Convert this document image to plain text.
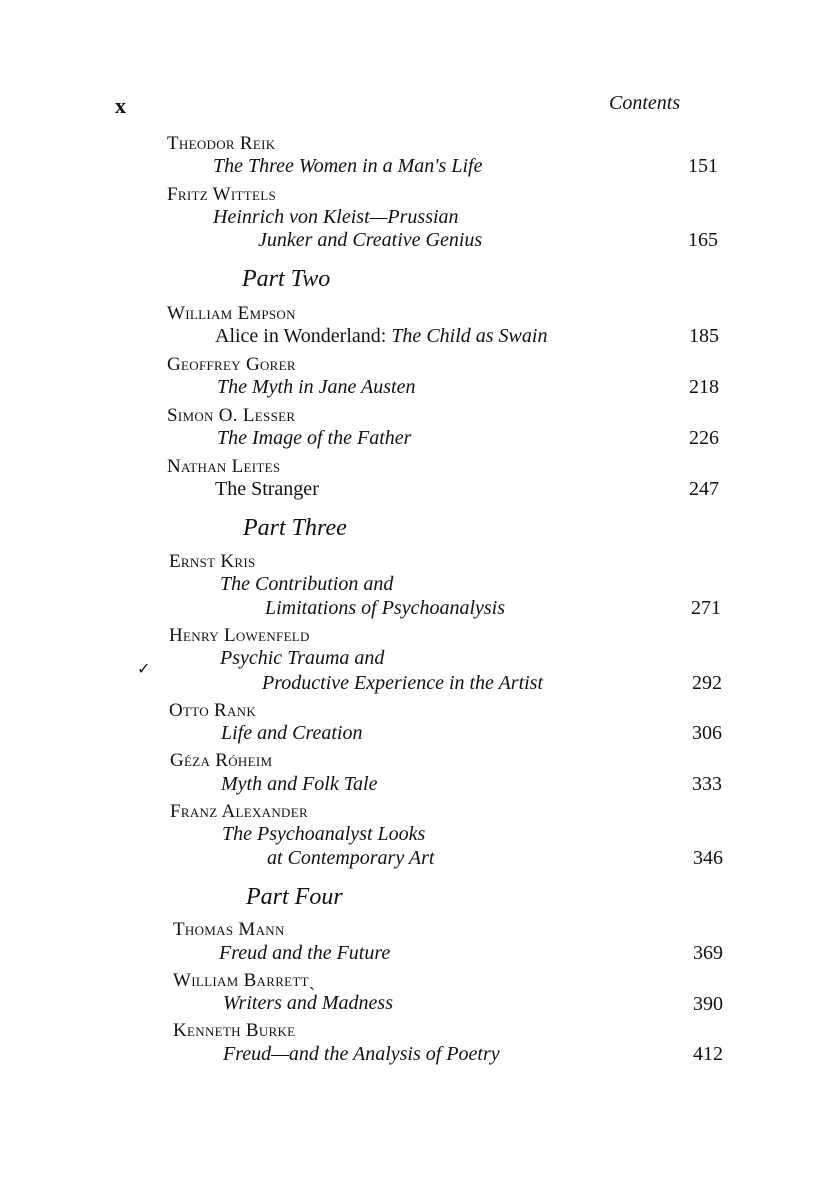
x	Contents
Theodor Reik
The Three Women in a Man's Life	151
Fritz Wittels
Heinrich von Kleist—Prussian
Junker and Creative Genius	165
Part Two
William Empson
Alice in Wonderland: The Child as Swain	185
Geoffrey Gorer
The Myth in Jane Austen	218
Simon O. Lesser
The Image of the Father	226
Nathan Leites
The Stranger	247
Part Three
Ernst Kris
The Contribution and
Limitations of Psychoanalysis	271
Henry Lowenfeld
✓
Psychic Trauma and
Productive Experience in the Artist	292
Otto Rank
Life and Creation	306
Géza Róheim
Myth and Folk Tale	333
Franz Alexander
The Psychoanalyst Looks
at Contemporary Art	346
Part Four
Thomas Mann
Freud and the Future	369
William Barrettˎ
Writers and Madness	390
Kenneth Burke
Freud—and the Analysis of Poetry	412
